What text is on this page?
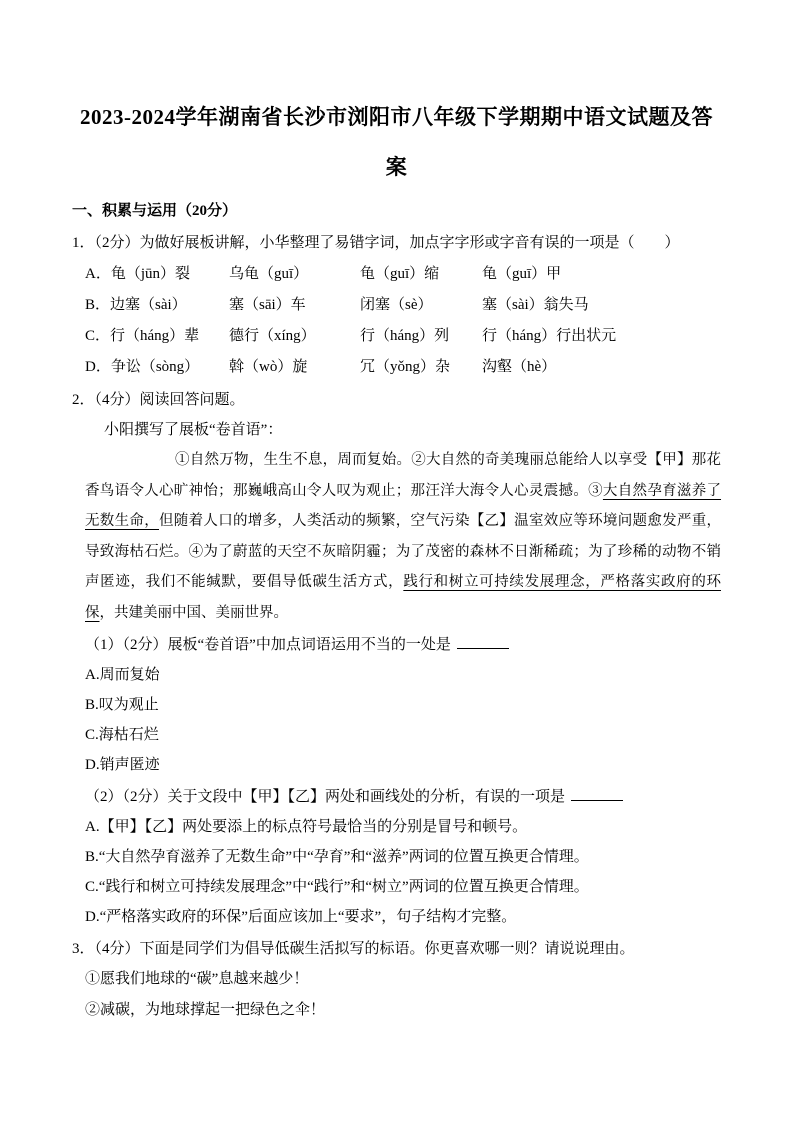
2023-2024学年湖南省长沙市浏阳市八年级下学期期中语文试题及答
案
一、积累与运用（20分）

1．（2分）为做好展板讲解，小华整理了易错字词，加点字字形或字音有误的一项是（　　）

A．龟（jūn）裂	乌龟（guī）	龟（guī）缩	龟（guī）甲
B．边塞（sài）	塞（sāi）车	闭塞（sè）	塞（sài）翁失马
C．行（háng）辈	德行（xíng）	行（háng）列	行（háng）行出状元
D．争讼（sòng）	斡（wò）旋	冗（yǒng）杂	沟壑（hè）

2．（4分）阅读回答问题。

小阳撰写了展板“卷首语”：

①自然万物，生生不息，周而复始。②大自然的奇美瑰丽总能给人以享受【甲】那花香鸟语令人心旷神怡；那巍峨高山令人叹为观止；那汪洋大海令人心灵震撼。③大自然孕育滋养了无数生命，但随着人口的增多，人类活动的频繁，空气污染【乙】温室效应等环境问题愈发严重，导致海枯石烂。④为了蔚蓝的天空不灰暗阴霾；为了茂密的森林不日渐稀疏；为了珍稀的动物不销声匿迹，我们不能缄默，要倡导低碳生活方式，践行和树立可持续发展理念，严格落实政府的环保，共建美丽中国、美丽世界。

（1）（2分）展板“卷首语”中加点词语运用不当的一处是

A.周而复始

B.叹为观止

C.海枯石烂

D.销声匿迹

（2）（2分）关于文段中【甲】【乙】两处和画线处的分析，有误的一项是

A.【甲】【乙】两处要添上的标点符号最恰当的分别是冒号和顿号。

B.“大自然孕育滋养了无数生命”中“孕育”和“滋养”两词的位置互换更合情理。

C.“践行和树立可持续发展理念”中“践行”和“树立”两词的位置互换更合情理。

D.“严格落实政府的环保”后面应该加上“要求”，句子结构才完整。

3．（4分）下面是同学们为倡导低碳生活拟写的标语。你更喜欢哪一则？请说说理由。

①愿我们地球的“碳”息越来越少！

②减碳，为地球撑起一把绿色之伞！
